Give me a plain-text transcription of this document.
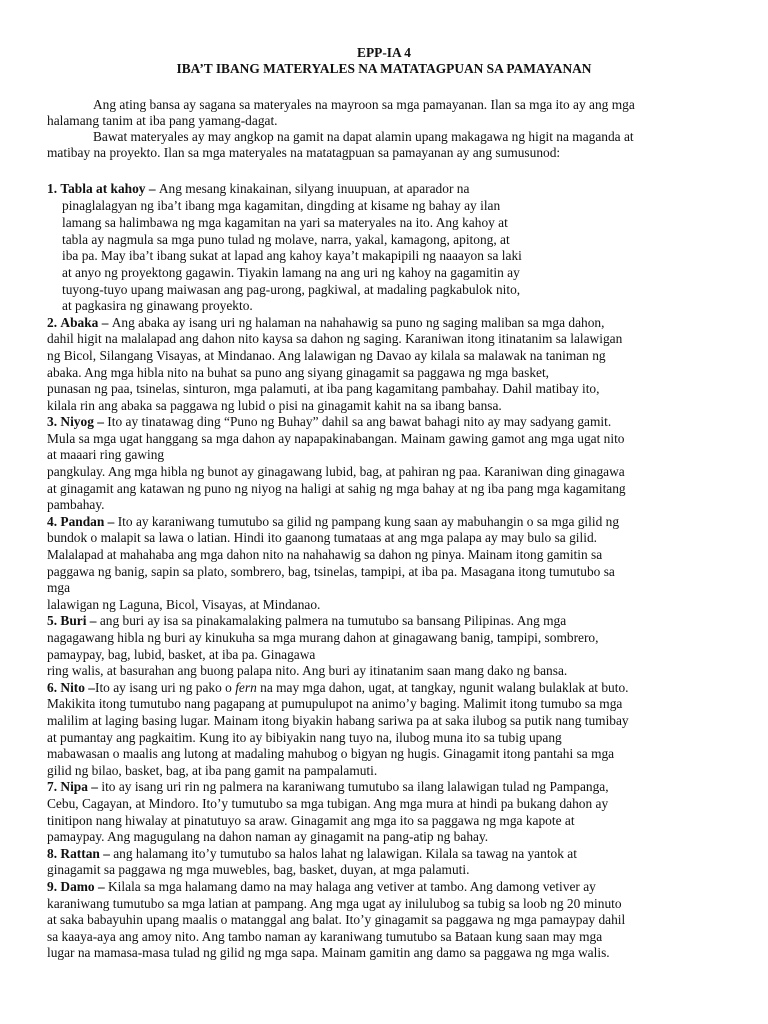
EPP-IA 4
IBA’T IBANG MATERYALES NA MATATAGPUAN SA PAMAYANAN
Ang ating bansa ay sagana sa materyales na mayroon sa mga pamayanan. Ilan sa mga ito ay ang mga
halamang tanim at iba pang yamang-dagat.
Bawat materyales ay may angkop na gamit na dapat alamin upang makagawa ng higit na maganda at
matibay na proyekto. Ilan sa mga materyales na matatagpuan sa pamayanan ay ang sumusunod:
1. Tabla at kahoy – Ang mesang kinakainan, silyang inuupuan, at aparador na
pinaglalagyan ng iba’t ibang mga kagamitan, dingding at kisame ng bahay ay ilan
lamang sa halimbawa ng mga kagamitan na yari sa materyales na ito. Ang kahoy at
tabla ay nagmula sa mga puno tulad ng molave, narra, yakal, kamagong, apitong, at
iba pa. May iba’t ibang sukat at lapad ang kahoy kaya’t makapipili ng naaayon sa laki
at anyo ng proyektong gagawin. Tiyakin lamang na ang uri ng kahoy na gagamitin ay
tuyong-tuyo upang maiwasan ang pag-urong, pagkiwal, at madaling pagkabulok nito,
at pagkasira ng ginawang proyekto.
2. Abaka – Ang abaka ay isang uri ng halaman na nahahawig sa puno ng saging maliban sa mga dahon,
dahil higit na malalapad ang dahon nito kaysa sa dahon ng saging. Karaniwan itong itinatanim sa lalawigan
ng Bicol, Silangang Visayas, at Mindanao. Ang lalawigan ng Davao ay kilala sa malawak na taniman ng
abaka. Ang mga hibla nito na buhat sa puno ang siyang ginagamit sa paggawa ng mga basket,
punasan ng paa, tsinelas, sinturon, mga palamuti, at iba pang kagamitang pambahay. Dahil matibay ito,
kilala rin ang abaka sa paggawa ng lubid o pisi na ginagamit kahit na sa ibang bansa.
3. Niyog – Ito ay tinatawag ding “Puno ng Buhay” dahil sa ang bawat bahagi nito ay may sadyang gamit.
Mula sa mga ugat hanggang sa mga dahon ay napapakinabangan. Mainam gawing gamot ang mga ugat nito
at maaari ring gawing
pangkulay. Ang mga hibla ng bunot ay ginagawang lubid, bag, at pahiran ng paa. Karaniwan ding ginagawa
at ginagamit ang katawan ng puno ng niyog na haligi at sahig ng mga bahay at ng iba pang mga kagamitang
pambahay.
4. Pandan – Ito ay karaniwang tumutubo sa gilid ng pampang kung saan ay mabuhangin o sa mga gilid ng
bundok o malapit sa lawa o latian. Hindi ito gaanong tumataas at ang mga palapa ay may bulo sa gilid.
Malalapad at mahahaba ang mga dahon nito na nahahawig sa dahon ng pinya. Mainam itong gamitin sa
paggawa ng banig, sapin sa plato, sombrero, bag, tsinelas, tampipi, at iba pa. Masagana itong tumutubo sa
mga
lalawigan ng Laguna, Bicol, Visayas, at Mindanao.
5. Buri – ang buri ay isa sa pinakamalaking palmera na tumutubo sa bansang Pilipinas. Ang mga
nagagawang hibla ng buri ay kinukuha sa mga murang dahon at ginagawang banig, tampipi, sombrero,
pamaypay, bag, lubid, basket, at iba pa. Ginagawa
ring walis, at basurahan ang buong palapa nito. Ang buri ay itinatanim saan mang dako ng bansa.
6. Nito –Ito ay isang uri ng pako o fern na may mga dahon, ugat, at tangkay, ngunit walang bulaklak at buto.
Makikita itong tumutubo nang pagapang at pumupulupot na animo’y baging. Malimit itong tumubo sa mga
malilim at laging basing lugar. Mainam itong biyakin habang sariwa pa at saka ilubog sa putik nang tumibay
at pumantay ang pagkaitim. Kung ito ay bibiyakin nang tuyo na, ilubog muna ito sa tubig upang
mabawasan o maalis ang lutong at madaling mahubog o bigyan ng hugis. Ginagamit itong pantahi sa mga
gilid ng bilao, basket, bag, at iba pang gamit na pampalamuti.
7. Nipa – ito ay isang uri rin ng palmera na karaniwang tumutubo sa ilang lalawigan tulad ng Pampanga,
Cebu, Cagayan, at Mindoro. Ito’y tumutubo sa mga tubigan. Ang mga mura at hindi pa bukang dahon ay
tinitipon nang hiwalay at pinatutuyo sa araw. Ginagamit ang mga ito sa paggawa ng mga kapote at
pamaypay. Ang magugulang na dahon naman ay ginagamit na pang-atip ng bahay.
8. Rattan – ang halamang ito’y tumutubo sa halos lahat ng lalawigan. Kilala sa tawag na yantok at
ginagamit sa paggawa ng mga muwebles, bag, basket, duyan, at mga palamuti.
9. Damo – Kilala sa mga halamang damo na may halaga ang vetiver at tambo. Ang damong vetiver ay
karaniwang tumutubo sa mga latian at pampang. Ang mga ugat ay inilulubog sa tubig sa loob ng 20 minuto
at saka babayuhin upang maalis o matanggal ang balat. Ito’y ginagamit sa paggawa ng mga pamaypay dahil
sa kaaya-aya ang amoy nito. Ang tambo naman ay karaniwang tumutubo sa Bataan kung saan may mga
lugar na mamasa-masa tulad ng gilid ng mga sapa. Mainam gamitin ang damo sa paggawa ng mga walis.
